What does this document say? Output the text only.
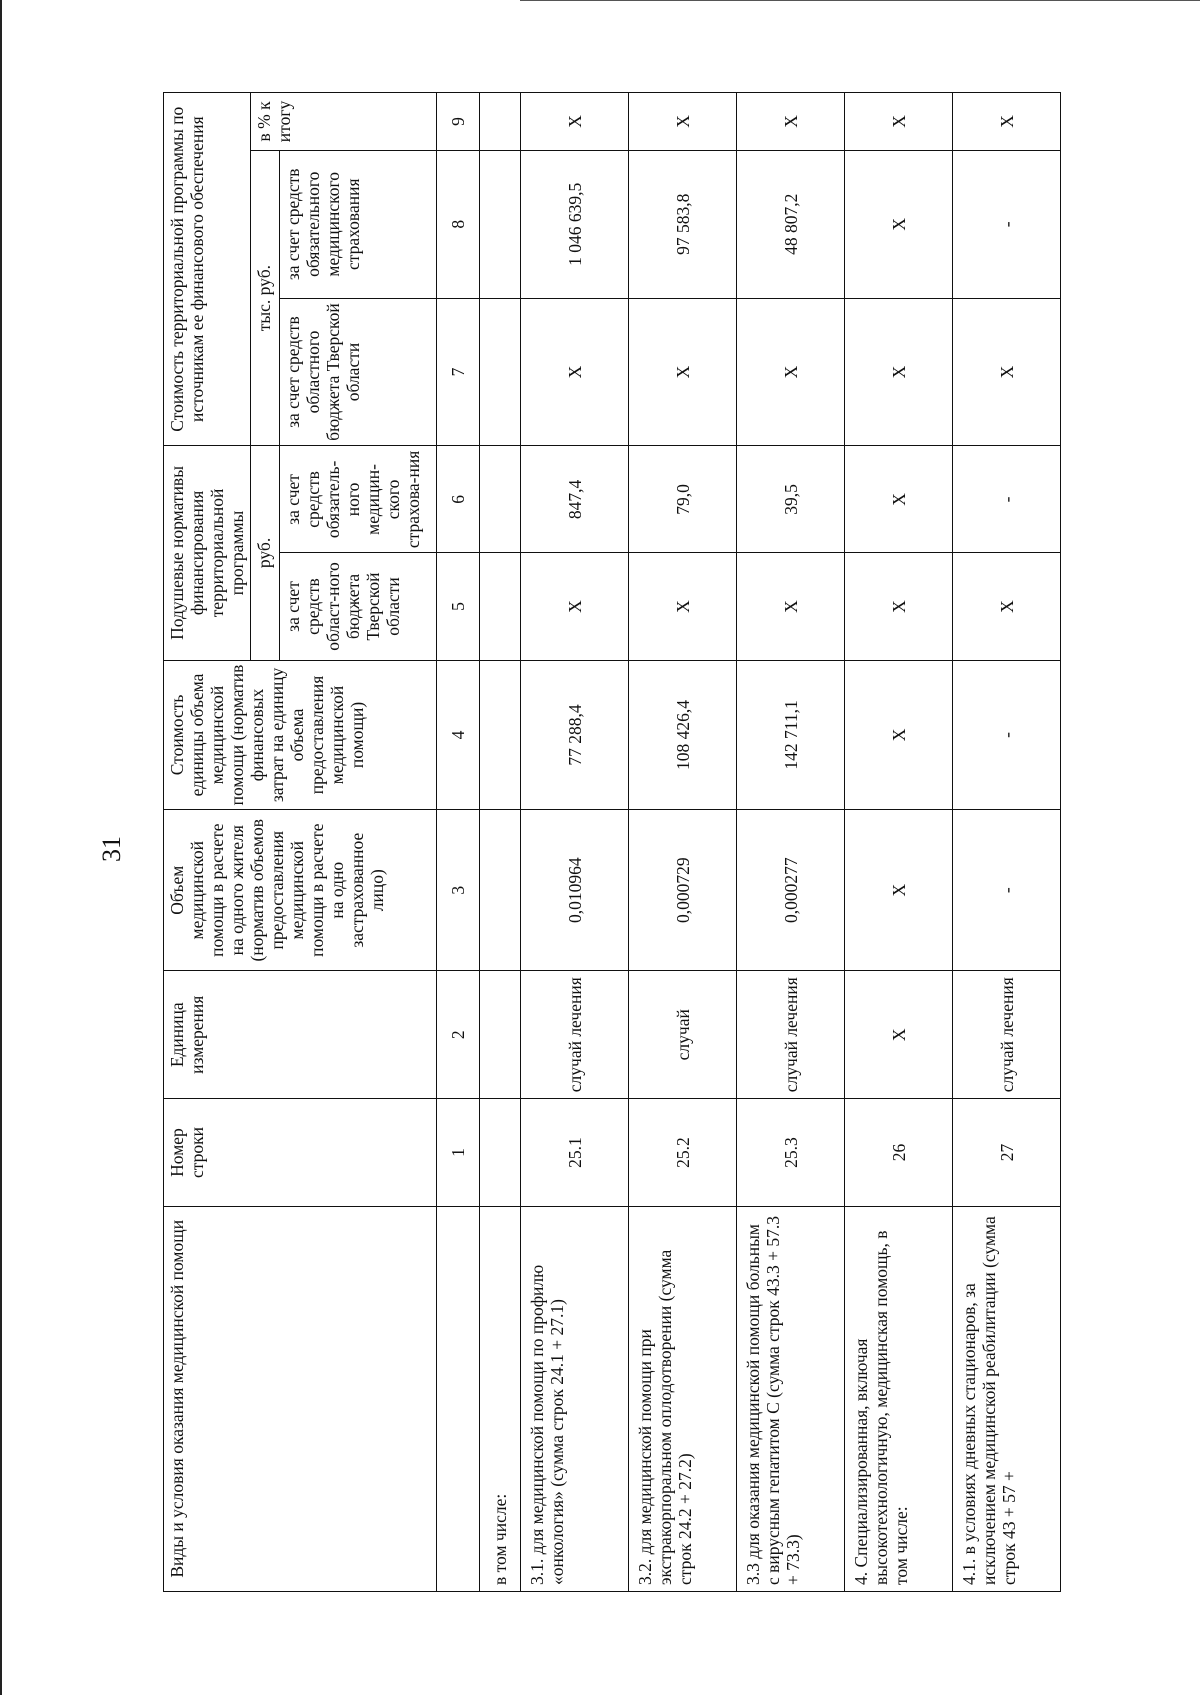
31
Виды и условия оказания медицинской помощи	Номер строки	Единица измерения	Объем медицинской помощи в расчете на одного жителя (норматив объемов предоставления медицинской помощи в расчете на одно застрахованное лицо)	Стоимость единицы объема медицинской помощи (норматив финансовых затрат на единицу объема предоставления медицинской помощи)	Подушевые нормативы финансирования территориальной программы		Стоимость территориальной программы по источникам ее финансового обеспечения		
					руб.		тыс. руб.		в % к итогу
					за счет средств област-ного бюджета Тверской области	за счет средств обязатель-ного медицин-ского страхова-ния	за счет средств областного бюджета Тверской области	за счет средств обязательного медицинского страхования	
	1	2	3	4	5	6	7	8	9
в том числе:									
3.1. для медицинской помощи по профилю «онкология» (сумма строк 24.1 + 27.1)	25.1	случай лечения	0,010964	77 288,4	Х	847,4	Х	1 046 639,5	Х
3.2. для медицинской помощи при экстракорпоральном оплодотворении (сумма строк 24.2 + 27.2)	25.2	случай	0,000729	108 426,4	Х	79,0	Х	97 583,8	Х
3.3 для оказания медицинской помощи больным с вирусным гепатитом С (сумма строк 43.3 + 57.3 + 73.3)	25.3	случай лечения	0,000277	142 711,1	Х	39,5	Х	48 807,2	Х
4. Специализированная, включая высокотехнологичную, медицинская помощь, в том числе:	26	Х	Х	Х	Х	Х	Х	Х	Х
4.1. в условиях дневных стационаров, за исключением медицинской реабилитации (сумма строк 43 + 57 +	27	случай лечения	-	-	Х	-	Х	-	Х
